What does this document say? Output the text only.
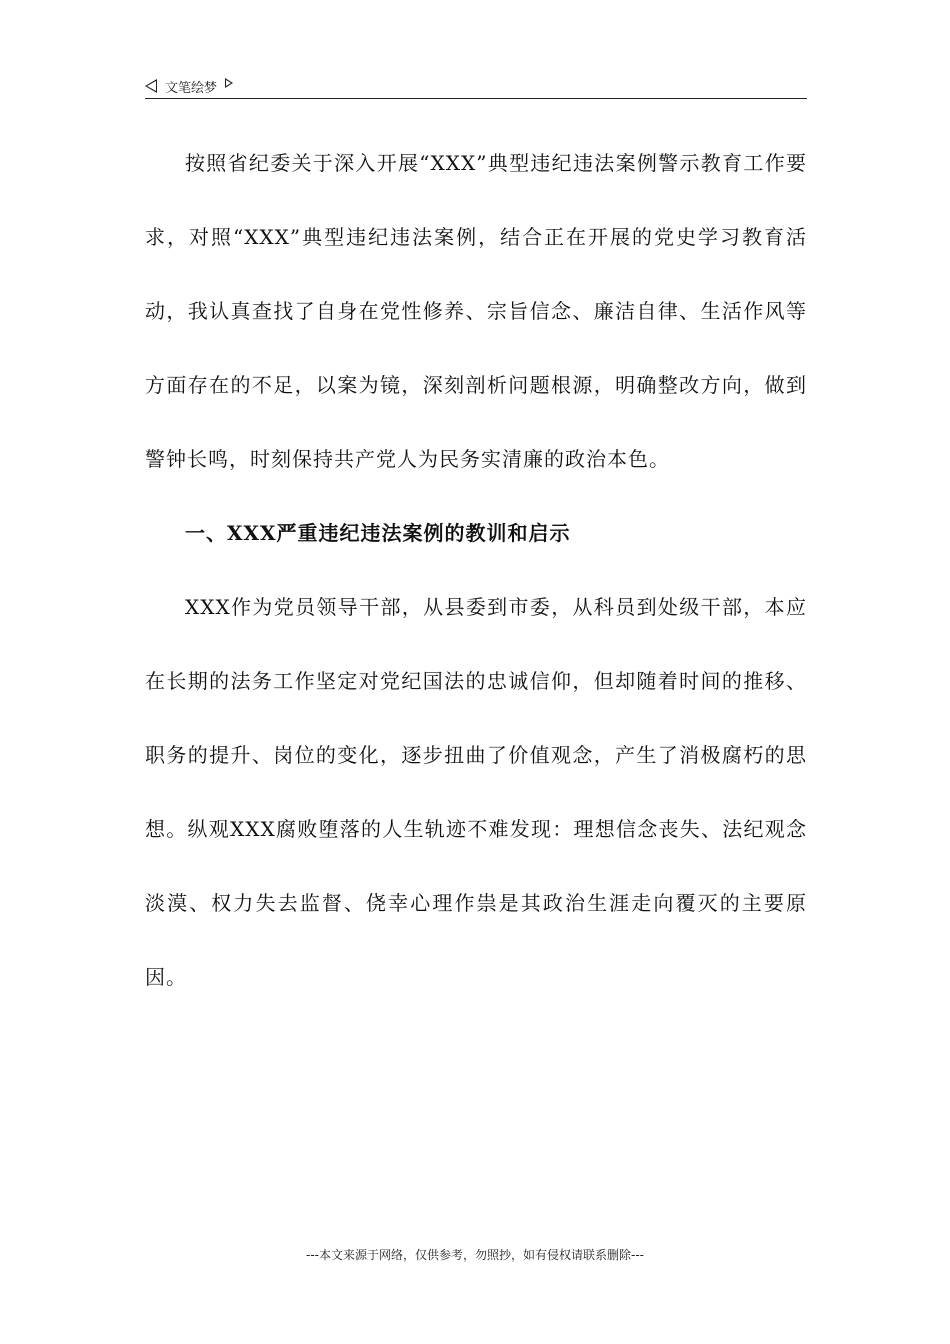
文笔绘梦

按照省纪委关于深入开展“XXX”典型违纪违法案例警示教育工作要求，对照“XXX”典型违纪违法案例，结合正在开展的党史学习教育活动，我认真查找了自身在党性修养、宗旨信念、廉洁自律、生活作风等方面存在的不足，以案为镜，深刻剖析问题根源，明确整改方向，做到警钟长鸣，时刻保持共产党人为民务实清廉的政治本色。

一、XXX严重违纪违法案例的教训和启示

XXX作为党员领导干部，从县委到市委，从科员到处级干部，本应在长期的法务工作坚定对党纪国法的忠诚信仰，但却随着时间的推移、职务的提升、岗位的变化，逐步扭曲了价值观念，产生了消极腐朽的思想。纵观XXX腐败堕落的人生轨迹不难发现：理想信念丧失、法纪观念淡漠、权力失去监督、侥幸心理作祟是其政治生涯走向覆灭的主要原因。

---本文来源于网络，仅供参考，勿照抄，如有侵权请联系删除---
